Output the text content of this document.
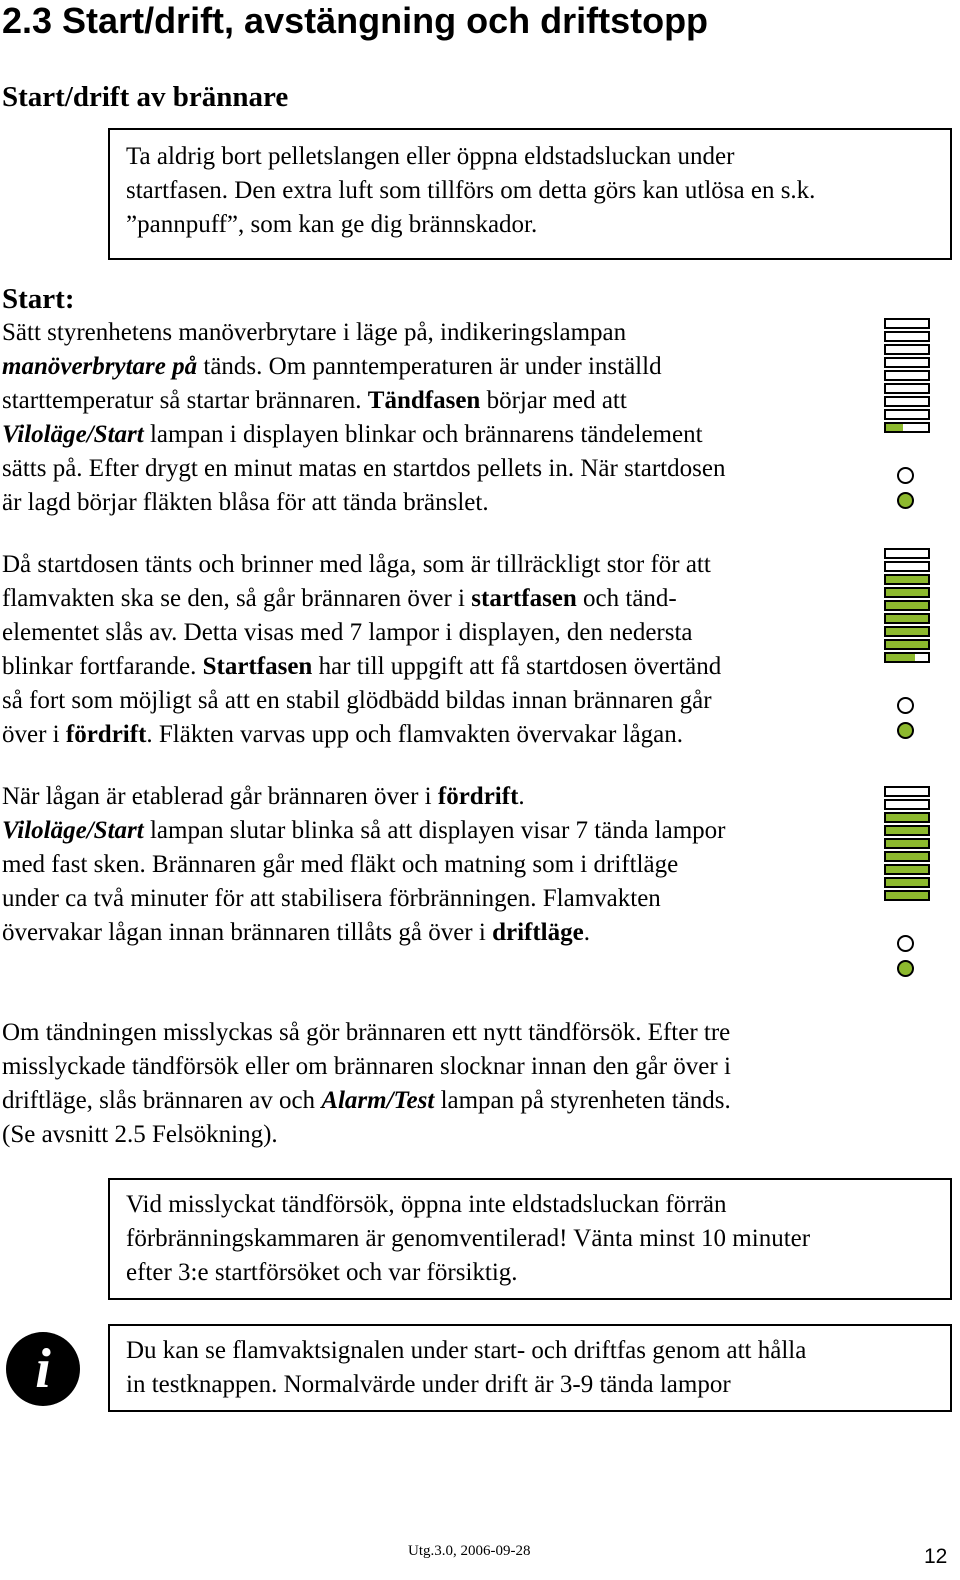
2.3 Start/drift, avstängning och driftstopp
Start/drift av brännare

Ta aldrig bort pelletslangen eller öppna eldstadsluckan under

startfasen. Den extra luft som tillförs om detta görs kan utlösa en s.k.

”pannpuff”, som kan ge dig brännskador.

Start:

Sätt styrenhetens manöverbrytare i läge på, indikeringslampan

manöverbrytare på tänds. Om panntemperaturen är under inställd

starttemperatur så startar brännaren. Tändfasen börjar med att

Viloläge/Start lampan i displayen blinkar och brännarens tändelement

sätts på. Efter drygt en minut matas en startdos pellets in. När startdosen

är lagd börjar fläkten blåsa för att tända bränslet.

Då startdosen tänts och brinner med låga, som är tillräckligt stor för att

flamvakten ska se den, så går brännaren över i startfasen och tänd-

elementet slås av. Detta visas med 7 lampor i displayen, den nedersta

blinkar fortfarande. Startfasen har till uppgift att få startdosen övertänd

så fort som möjligt så att en stabil glödbädd bildas innan brännaren går

över i fördrift. Fläkten varvas upp och flamvakten övervakar lågan.

När lågan är etablerad går brännaren över i fördrift.

Viloläge/Start lampan slutar blinka så att displayen visar 7 tända lampor

med fast sken. Brännaren går med fläkt och matning som i driftläge

under ca två minuter för att stabilisera förbränningen. Flamvakten

övervakar lågan innan brännaren tillåts gå över i driftläge.

Om tändningen misslyckas så gör brännaren ett nytt tändförsök. Efter tre

misslyckade tändförsök eller om brännaren slocknar innan den går över i

driftläge, slås brännaren av och Alarm/Test lampan på styrenheten tänds.

(Se avsnitt 2.5 Felsökning).

Vid misslyckat tändförsök, öppna inte eldstadsluckan förrän

förbränningskammaren är genomventilerad! Vänta minst 10 minuter

efter 3:e startförsöket och var försiktig.

i	Du kan se flamvaktsignalen under start- och driftfas genom att hålla

in testknappen. Normalvärde under drift är 3-9 tända lampor

Utg.3.0, 2006-09-28	12
